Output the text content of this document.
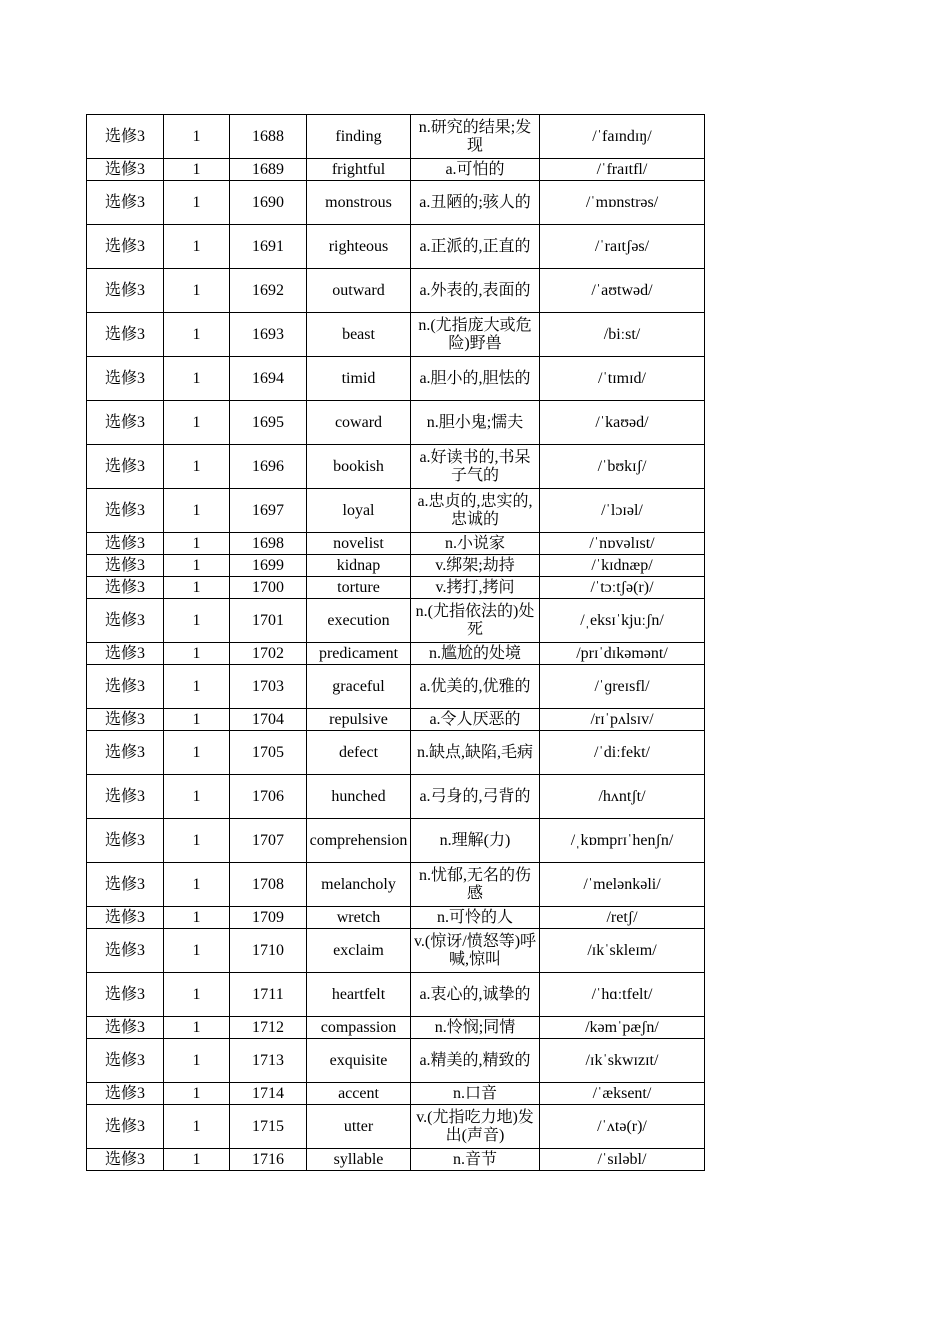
选修3	1	1688	finding	n.研究的结果;发现	/ˈfaɪndɪŋ/
选修3	1	1689	frightful	a.可怕的	/ˈfraɪtfl/
选修3	1	1690	monstrous	a.丑陋的;骇人的	/ˈmɒnstrəs/
选修3	1	1691	righteous	a.正派的,正直的	/ˈraɪtʃəs/
选修3	1	1692	outward	a.外表的,表面的	/ˈaʊtwəd/
选修3	1	1693	beast	n.(尤指庞大或危险)野兽	/biːst/
选修3	1	1694	timid	a.胆小的,胆怯的	/ˈtɪmɪd/
选修3	1	1695	coward	n.胆小鬼;懦夫	/ˈkaʊəd/
选修3	1	1696	bookish	a.好读书的,书呆子气的	/ˈbʊkɪʃ/
选修3	1	1697	loyal	a.忠贞的,忠实的,忠诚的	/ˈlɔɪəl/
选修3	1	1698	novelist	n.小说家	/ˈnɒvəlɪst/
选修3	1	1699	kidnap	v.绑架;劫持	/ˈkɪdnæp/
选修3	1	1700	torture	v.拷打,拷问	/ˈtɔːtʃə(r)/
选修3	1	1701	execution	n.(尤指依法的)处死	/ˌeksɪˈkjuːʃn/
选修3	1	1702	predicament	n.尴尬的处境	/prɪˈdɪkəmənt/
选修3	1	1703	graceful	a.优美的,优雅的	/ˈɡreɪsfl/
选修3	1	1704	repulsive	a.令人厌恶的	/rɪˈpʌlsɪv/
选修3	1	1705	defect	n.缺点,缺陷,毛病	/ˈdiːfekt/
选修3	1	1706	hunched	a.弓身的,弓背的	/hʌntʃt/
选修3	1	1707	comprehension	n.理解(力)	/ˌkɒmprɪˈhenʃn/
选修3	1	1708	melancholy	n.忧郁,无名的伤感	/ˈmelənkəli/
选修3	1	1709	wretch	n.可怜的人	/retʃ/
选修3	1	1710	exclaim	v.(惊讶/愤怒等)呼喊,惊叫	/ɪkˈskleɪm/
选修3	1	1711	heartfelt	a.衷心的,诚挚的	/ˈhɑːtfelt/
选修3	1	1712	compassion	n.怜悯;同情	/kəmˈpæʃn/
选修3	1	1713	exquisite	a.精美的,精致的	/ɪkˈskwɪzɪt/
选修3	1	1714	accent	n.口音	/ˈæksent/
选修3	1	1715	utter	v.(尤指吃力地)发出(声音)	/ˈʌtə(r)/
选修3	1	1716	syllable	n.音节	/ˈsɪləbl/
